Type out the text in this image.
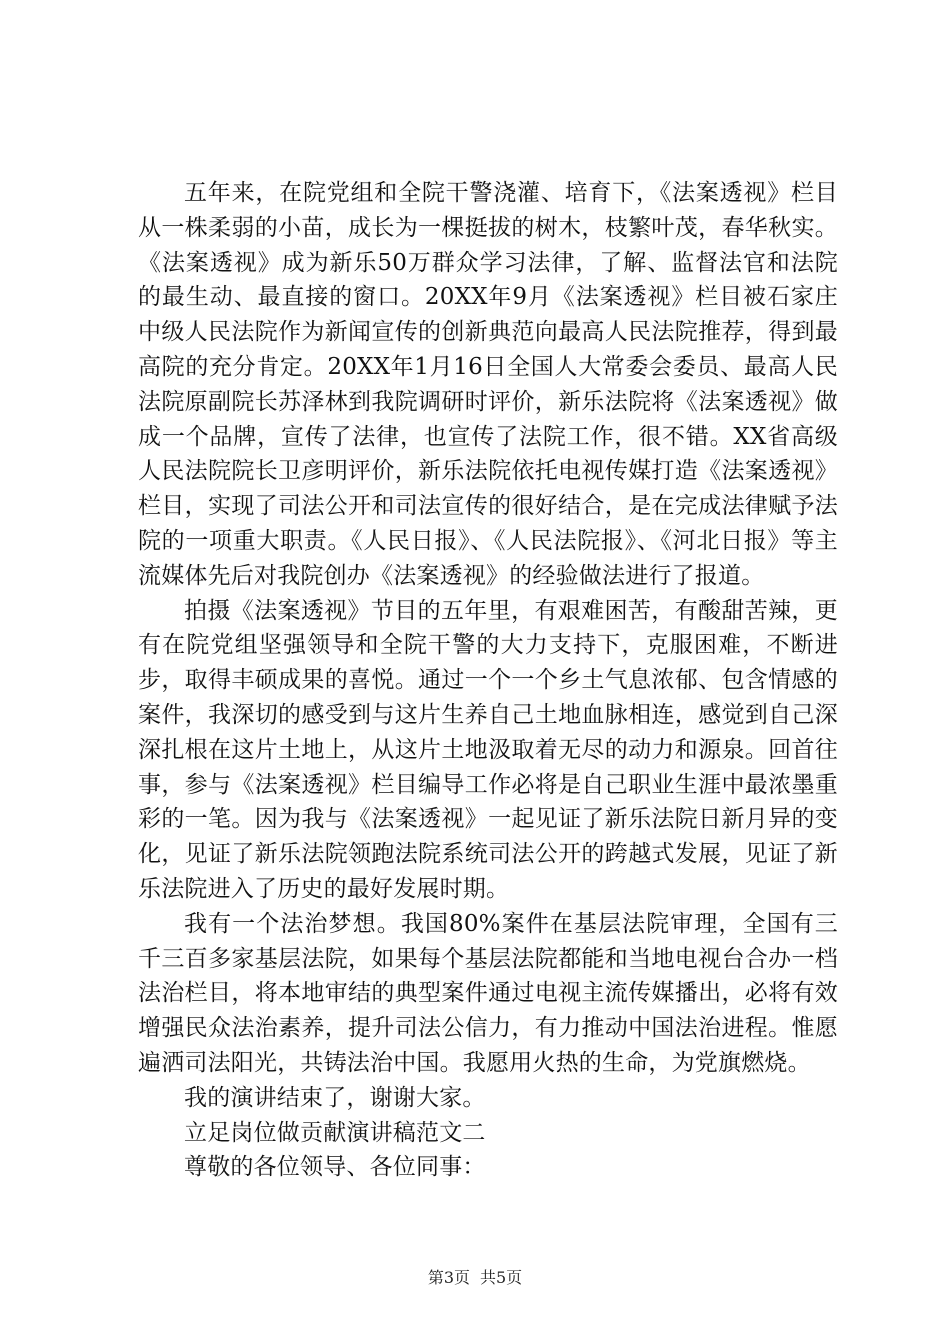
五年来，在院党组和全院干警浇灌、培育下，《法案透视》栏目从一株柔弱的小苗，成长为一棵挺拔的树木，枝繁叶茂，春华秋实。《法案透视》成为新乐50万群众学习法律，了解、监督法官和法院的最生动、最直接的窗口。20XX年9月《法案透视》栏目被石家庄中级人民法院作为新闻宣传的创新典范向最高人民法院推荐，得到最高院的充分肯定。20XX年1月16日全国人大常委会委员、最高人民法院原副院长苏泽林到我院调研时评价，新乐法院将《法案透视》做成一个品牌，宣传了法律，也宣传了法院工作，很不错。XX省高级人民法院院长卫彦明评价，新乐法院依托电视传媒打造《法案透视》栏目，实现了司法公开和司法宣传的很好结合，是在完成法律赋予法院的一项重大职责。《人民日报》、《人民法院报》、《河北日报》等主流媒体先后对我院创办《法案透视》的经验做法进行了报道。

拍摄《法案透视》节目的五年里，有艰难困苦，有酸甜苦辣，更有在院党组坚强领导和全院干警的大力支持下，克服困难，不断进步，取得丰硕成果的喜悦。通过一个一个乡土气息浓郁、包含情感的案件，我深切的感受到与这片生养自己土地血脉相连，感觉到自己深深扎根在这片土地上，从这片土地汲取着无尽的动力和源泉。回首往事，参与《法案透视》栏目编导工作必将是自己职业生涯中最浓墨重彩的一笔。因为我与《法案透视》一起见证了新乐法院日新月异的变化，见证了新乐法院领跑法院系统司法公开的跨越式发展，见证了新乐法院进入了历史的最好发展时期。

我有一个法治梦想。我国80%案件在基层法院审理，全国有三千三百多家基层法院，如果每个基层法院都能和当地电视台合办一档法治栏目，将本地审结的典型案件通过电视主流传媒播出，必将有效增强民众法治素养，提升司法公信力，有力推动中国法治进程。惟愿遍洒司法阳光，共铸法治中国。我愿用火热的生命，为党旗燃烧。

我的演讲结束了，谢谢大家。

立足岗位做贡献演讲稿范文二

尊敬的各位领导、各位同事：

第3页 共5页
